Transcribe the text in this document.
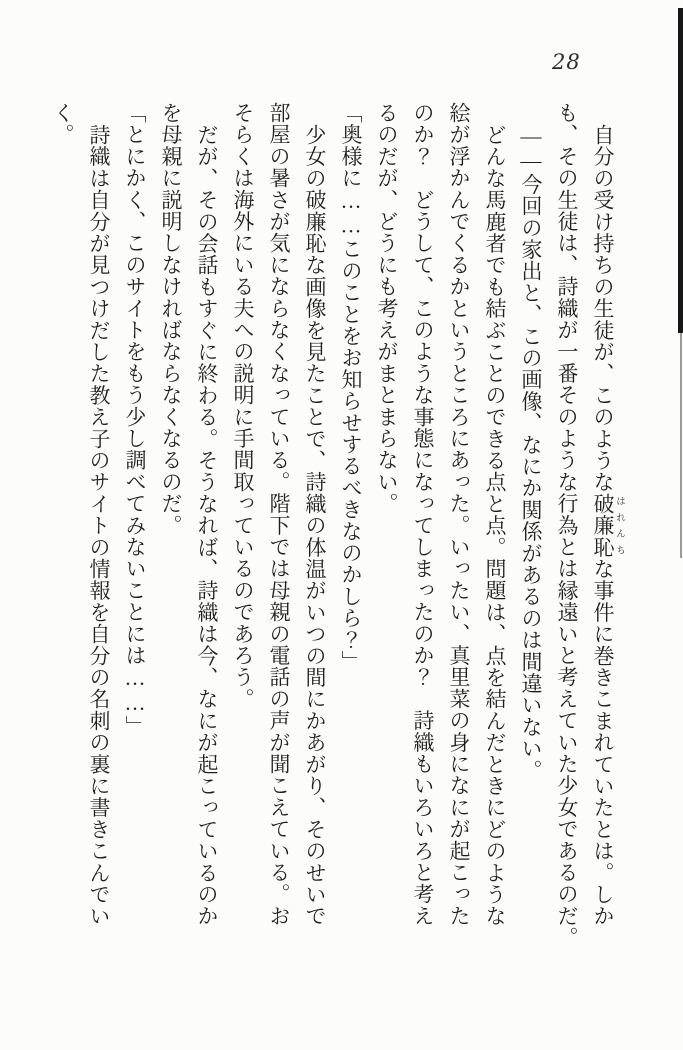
28

自分の受け持ちの生徒が、このような破廉恥 はれんちな事件に巻きこまれていたとは。しか

も、その生徒は、詩織が一番そのような行為とは縁遠いと考えていた少女であるのだ。

――今回の家出と、この画像、なにか関係があるのは間違いない。

どんな馬鹿者でも結ぶことのできる点と点。問題は、点を結んだときにどのような

絵が浮かんでくるかというところにあった。いったい、真里菜の身になにが起こった

のか？　どうして、このような事態になってしまったのか？　詩織もいろいろと考え

るのだが、どうにも考えがまとまらない。

「奥様に……このことをお知らせするべきなのかしら？」

少女の破廉恥な画像を見たことで、詩織の体温がいつの間にかあがり、そのせいで

部屋の暑さが気にならなくなっている。階下では母親の電話の声が聞こえている。お

そらくは海外にいる夫への説明に手間取っているのであろう。

だが、その会話もすぐに終わる。そうなれば、詩織は今、なにが起こっているのか

を母親に説明しなければならなくなるのだ。

「とにかく、このサイトをもう少し調べてみないことには……」

詩織は自分が見つけだした教え子のサイトの情報を自分の名刺の裏に書きこんでい

く。
